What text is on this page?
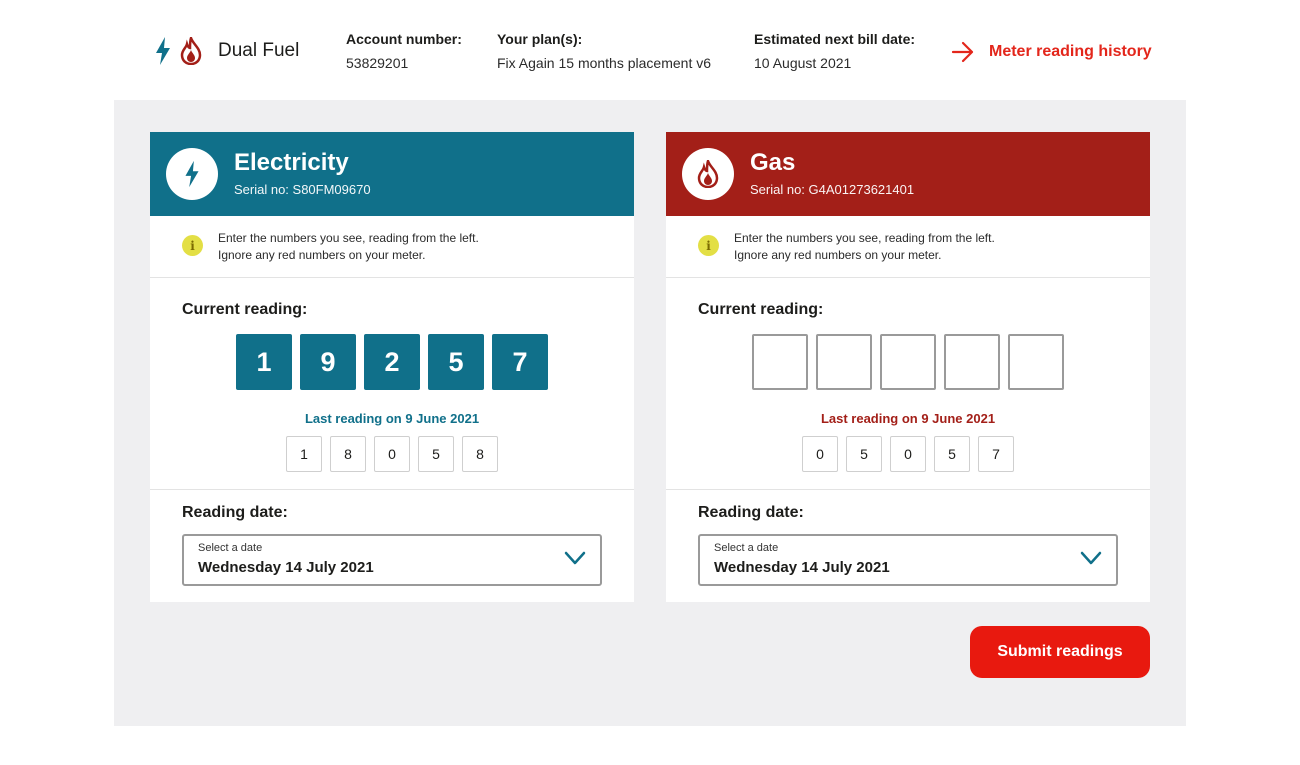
Dual Fuel
Account number:
53829201
Your plan(s):
Fix Again 15 months placement v6
Estimated next bill date:
10 August 2021
Meter reading history
Electricity
Serial no: S80FM09670
i
Enter the numbers you see, reading from the left.
Ignore any red numbers on your meter.
Current reading:
1	9	2	5	7
Last reading on 9 June 2021
1	8	0	5	8
Reading date:
Select a date
Wednesday 14 July 2021
Gas
Serial no: G4A01273621401
i
Enter the numbers you see, reading from the left.
Ignore any red numbers on your meter.
Current reading:
Last reading on 9 June 2021
0	5	0	5	7
Reading date:
Select a date
Wednesday 14 July 2021
Submit readings
